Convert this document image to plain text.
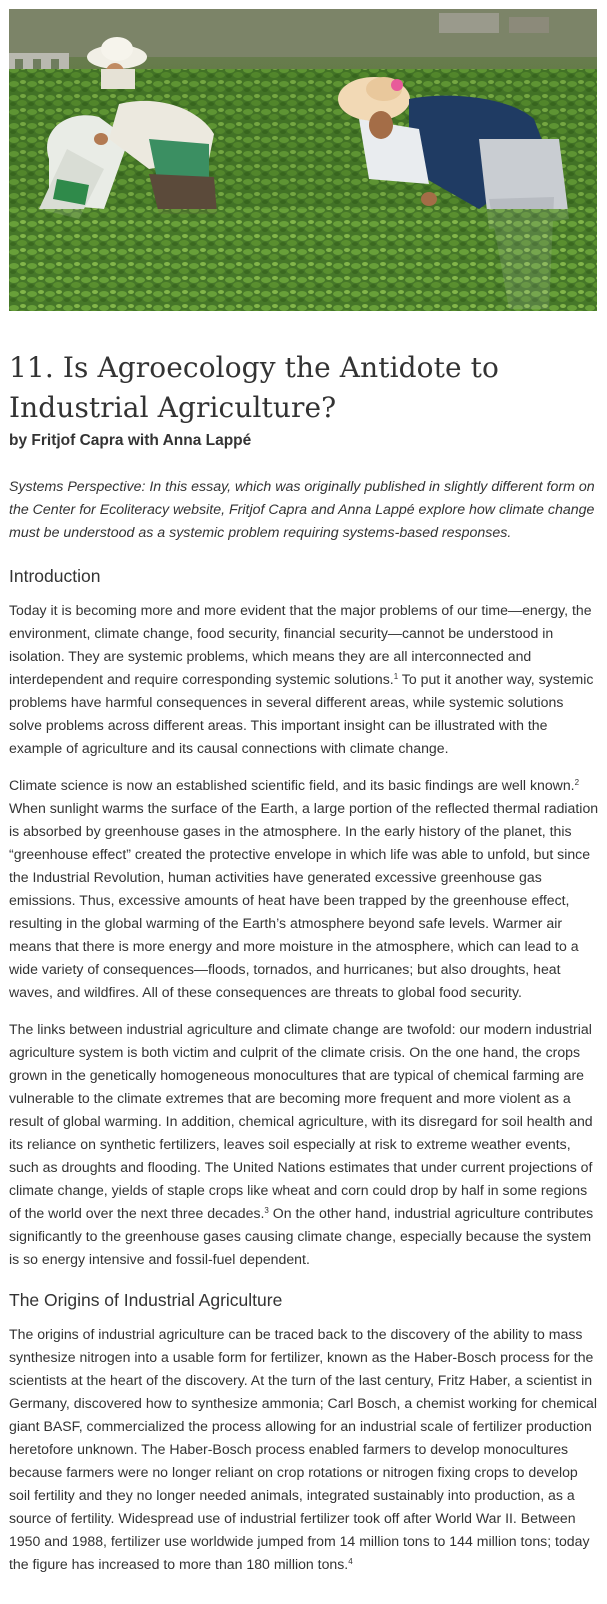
11. Is Agroecology the Antidote to Industrial Agriculture?
by Fritjof Capra with Anna Lappé

Systems Perspective: In this essay, which was originally published in slightly different form on the Center for Ecoliteracy website, Fritjof Capra and Anna Lappé explore how climate change must be understood as a systemic problem requiring systems-based responses.

Introduction

Today it is becoming more and more evident that the major problems of our time—energy, the environment, climate change, food security, financial security—cannot be understood in isolation. They are systemic problems, which means they are all interconnected and interdependent and require corresponding systemic solutions.$^1$ To put it another way, systemic problems have harmful consequences in several different areas, while systemic solutions solve problems across different areas. This important insight can be illustrated with the example of agriculture and its causal connections with climate change.

Climate science is now an established scientific field, and its basic findings are well known.$^2$ When sunlight warms the surface of the Earth, a large portion of the reflected thermal radiation is absorbed by greenhouse gases in the atmosphere. In the early history of the planet, this “greenhouse effect” created the protective envelope in which life was able to unfold, but since the Industrial Revolution, human activities have generated excessive greenhouse gas emissions. Thus, excessive amounts of heat have been trapped by the greenhouse effect, resulting in the global warming of the Earth’s atmosphere beyond safe levels. Warmer air means that there is more energy and more moisture in the atmosphere, which can lead to a wide variety of consequences—floods, tornados, and hurricanes; but also droughts, heat waves, and wildfires. All of these consequences are threats to global food security.

The links between industrial agriculture and climate change are twofold: our modern industrial agriculture system is both victim and culprit of the climate crisis. On the one hand, the crops grown in the genetically homogeneous monocultures that are typical of chemical farming are vulnerable to the climate extremes that are becoming more frequent and more violent as a result of global warming. In addition, chemical agriculture, with its disregard for soil health and its reliance on synthetic fertilizers, leaves soil especially at risk to extreme weather events, such as droughts and flooding. The United Nations estimates that under current projections of climate change, yields of staple crops like wheat and corn could drop by half in some regions of the world over the next three decades.$^3$ On the other hand, industrial agriculture contributes significantly to the greenhouse gases causing climate change, especially because the system is so energy intensive and fossil-fuel dependent.

The Origins of Industrial Agriculture

The origins of industrial agriculture can be traced back to the discovery of the ability to mass synthesize nitrogen into a usable form for fertilizer, known as the Haber-Bosch process for the scientists at the heart of the discovery. At the turn of the last century, Fritz Haber, a scientist in Germany, discovered how to synthesize ammonia; Carl Bosch, a chemist working for chemical giant BASF, commercialized the process allowing for an industrial scale of fertilizer production heretofore unknown. The Haber-Bosch process enabled farmers to develop monocultures because farmers were no longer reliant on crop rotations or nitrogen fixing crops to develop soil fertility and they no longer needed animals, integrated sustainably into production, as a source of fertility. Widespread use of industrial fertilizer took off after World War II. Between 1950 and 1988, fertilizer use worldwide jumped from 14 million tons to 144 million tons; today the figure has increased to more than 180 million tons.$^4$
